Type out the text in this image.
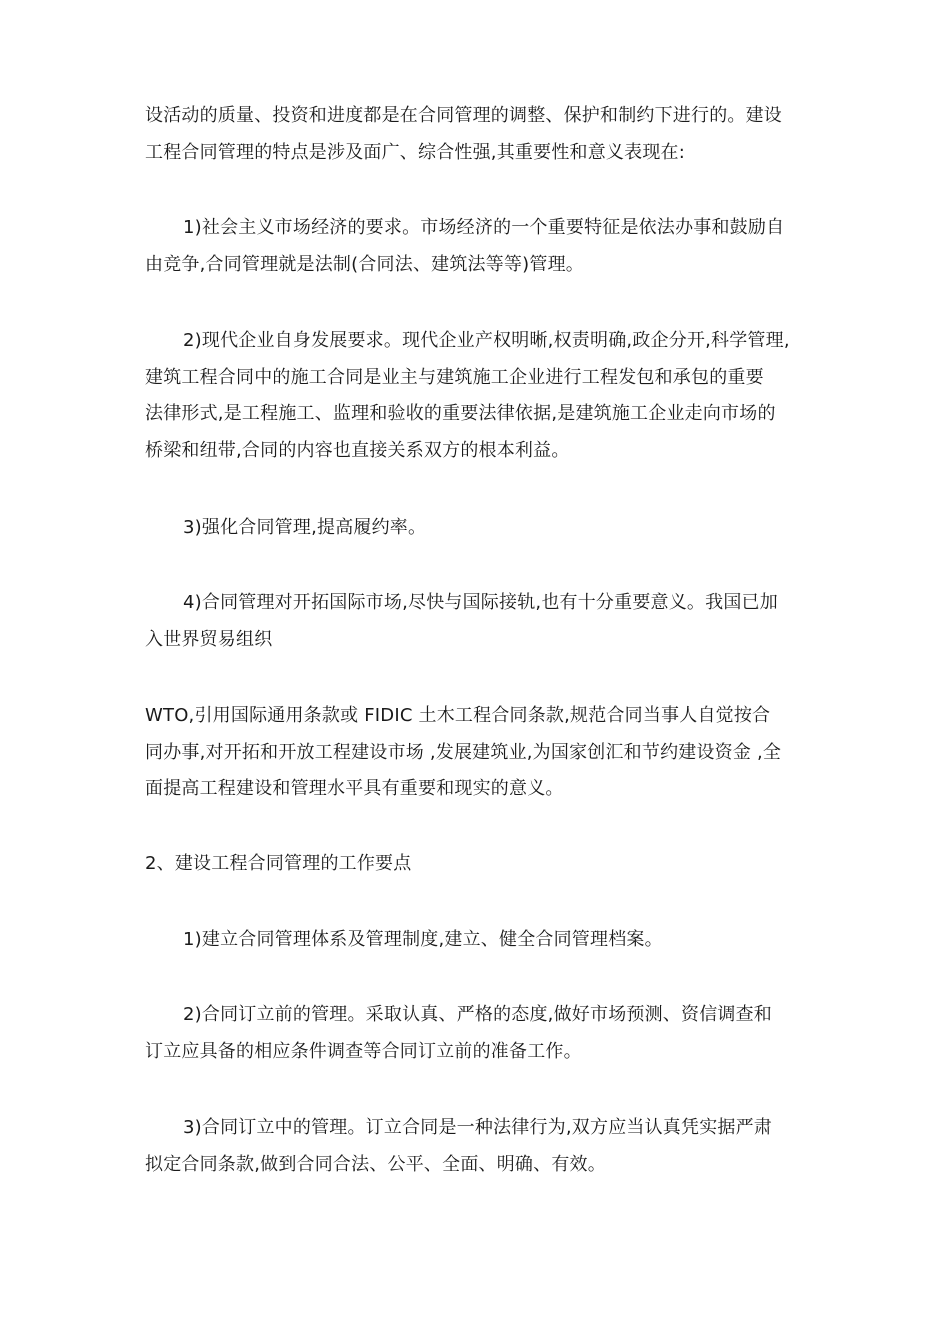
设活动的质量、投资和进度都是在合同管理的调整、保护和制约下进行的。建设
工程合同管理的特点是涉及面广、综合性强,其重要性和意义表现在:

1)社会主义市场经济的要求。市场经济的一个重要特征是依法办事和鼓励自
由竞争,合同管理就是法制(合同法、建筑法等等)管理。

2)现代企业自身发展要求。现代企业产权明晰,权责明确,政企分开,科学管理,
建筑工程合同中的施工合同是业主与建筑施工企业进行工程发包和承包的重要
法律形式,是工程施工、监理和验收的重要法律依据,是建筑施工企业走向市场的
桥梁和纽带,合同的内容也直接关系双方的根本利益。

3)强化合同管理,提高履约率。

4)合同管理对开拓国际市场,尽快与国际接轨,也有十分重要意义。我国已加
入世界贸易组织

WTO,引用国际通用条款或 FIDIC 土木工程合同条款,规范合同当事人自觉按合
同办事,对开拓和开放工程建设市场 ,发展建筑业,为国家创汇和节约建设资金 ,全
面提高工程建设和管理水平具有重要和现实的意义。

2、建设工程合同管理的工作要点

1)建立合同管理体系及管理制度,建立、健全合同管理档案。

2)合同订立前的管理。采取认真、严格的态度,做好市场预测、资信调查和
订立应具备的相应条件调查等合同订立前的准备工作。

3)合同订立中的管理。订立合同是一种法律行为,双方应当认真凭实据严肃
拟定合同条款,做到合同合法、公平、全面、明确、有效。
